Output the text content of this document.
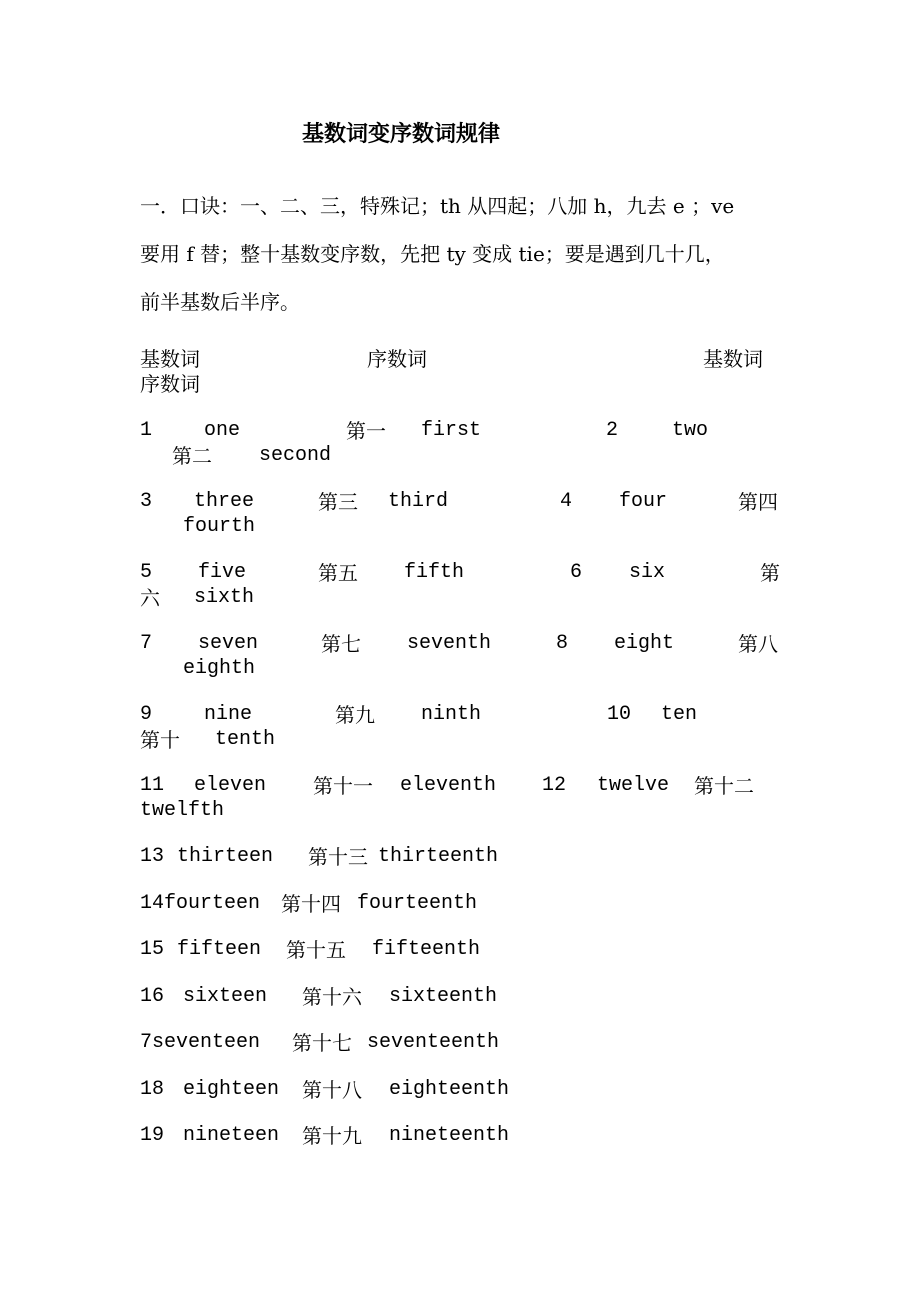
基数词变序数词规律
一．口诀：一、二、三，特殊记；th 从四起；八加 h，九去 e ；ve
要用 f 替；整十基数变序数，先把 ty 变成 tie；要是遇到几十几，
前半基数后半序。
基数词	序数词	基数词
序数词
1	one	第一 first	2	two
第二 second
3 three	第三 third	4 four	第四
fourth
5 five	第五 fifth	6 six	第
六 sixth
7 seven	第七 seventh	8 eight	第八
eighth
9	nine	第九 ninth	10 ten
第十 tenth
11 eleven 第十一 eleventh 12 twelve 第十二
twelfth
13 thirteen 第十三 thirteenth
14fourteen 第十四 fourteenth
15 fifteen 第十五 fifteenth
16 sixteen 第十六 sixteenth
7seventeen 第十七 seventeenth
18 eighteen 第十八 eighteenth
19 nineteen 第十九 nineteenth
